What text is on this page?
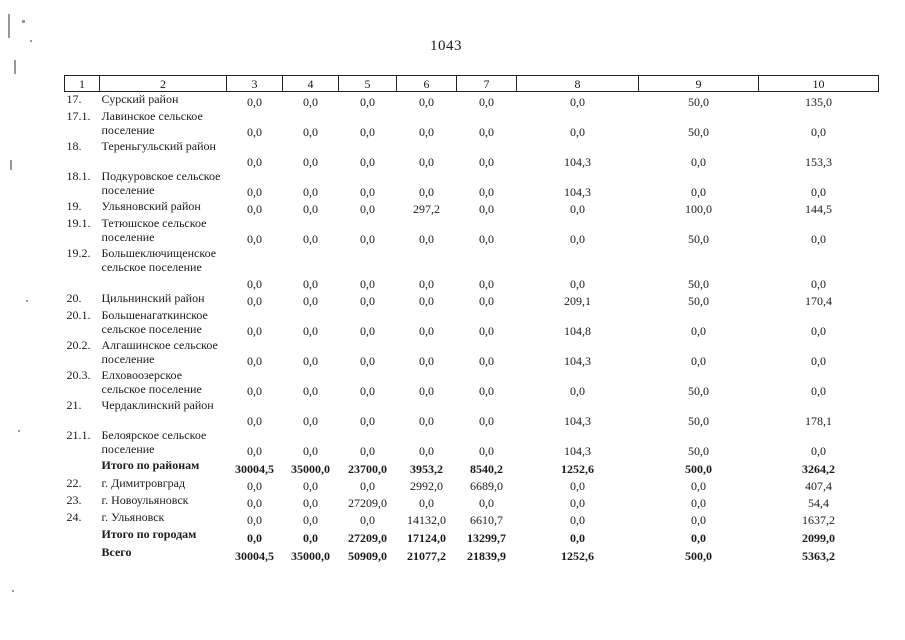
1043
1	2	3	4	5	6	7	8	9	10
17.	Сурский район	0,0	0,0	0,0	0,0	0,0	0,0	50,0	135,0
17.1.	Лавинское сельское поселение	0,0	0,0	0,0	0,0	0,0	0,0	50,0	0,0
18.	Тереньгульский район	0,0	0,0	0,0	0,0	0,0	104,3	0,0	153,3
18.1.	Подкуровское сельское поселение	0,0	0,0	0,0	0,0	0,0	104,3	0,0	0,0
19.	Ульяновский район	0,0	0,0	0,0	297,2	0,0	0,0	100,0	144,5
19.1.	Тетюшское сельское поселение	0,0	0,0	0,0	0,0	0,0	0,0	50,0	0,0
19.2.	Большеключищенское сельское поселение	0,0	0,0	0,0	0,0	0,0	0,0	50,0	0,0
20.	Цильнинский район	0,0	0,0	0,0	0,0	0,0	209,1	50,0	170,4
20.1.	Большенагаткинское сельское поселение	0,0	0,0	0,0	0,0	0,0	104,8	0,0	0,0
20.2.	Алгашинское сельское поселение	0,0	0,0	0,0	0,0	0,0	104,3	0,0	0,0
20.3.	Елховоозерское сельское поселение	0,0	0,0	0,0	0,0	0,0	0,0	50,0	0,0
21.	Чердаклинский район	0,0	0,0	0,0	0,0	0,0	104,3	50,0	178,1
21.1.	Белоярское сельское поселение	0,0	0,0	0,0	0,0	0,0	104,3	50,0	0,0
	Итого по районам	30004,5	35000,0	23700,0	3953,2	8540,2	1252,6	500,0	3264,2
22.	г. Димитровград	0,0	0,0	0,0	2992,0	6689,0	0,0	0,0	407,4
23.	г. Новоульяновск	0,0	0,0	27209,0	0,0	0,0	0,0	0,0	54,4
24.	г. Ульяновск	0,0	0,0	0,0	14132,0	6610,7	0,0	0,0	1637,2
	Итого по городам	0,0	0,0	27209,0	17124,0	13299,7	0,0	0,0	2099,0
	Всего	30004,5	35000,0	50909,0	21077,2	21839,9	1252,6	500,0	5363,2
